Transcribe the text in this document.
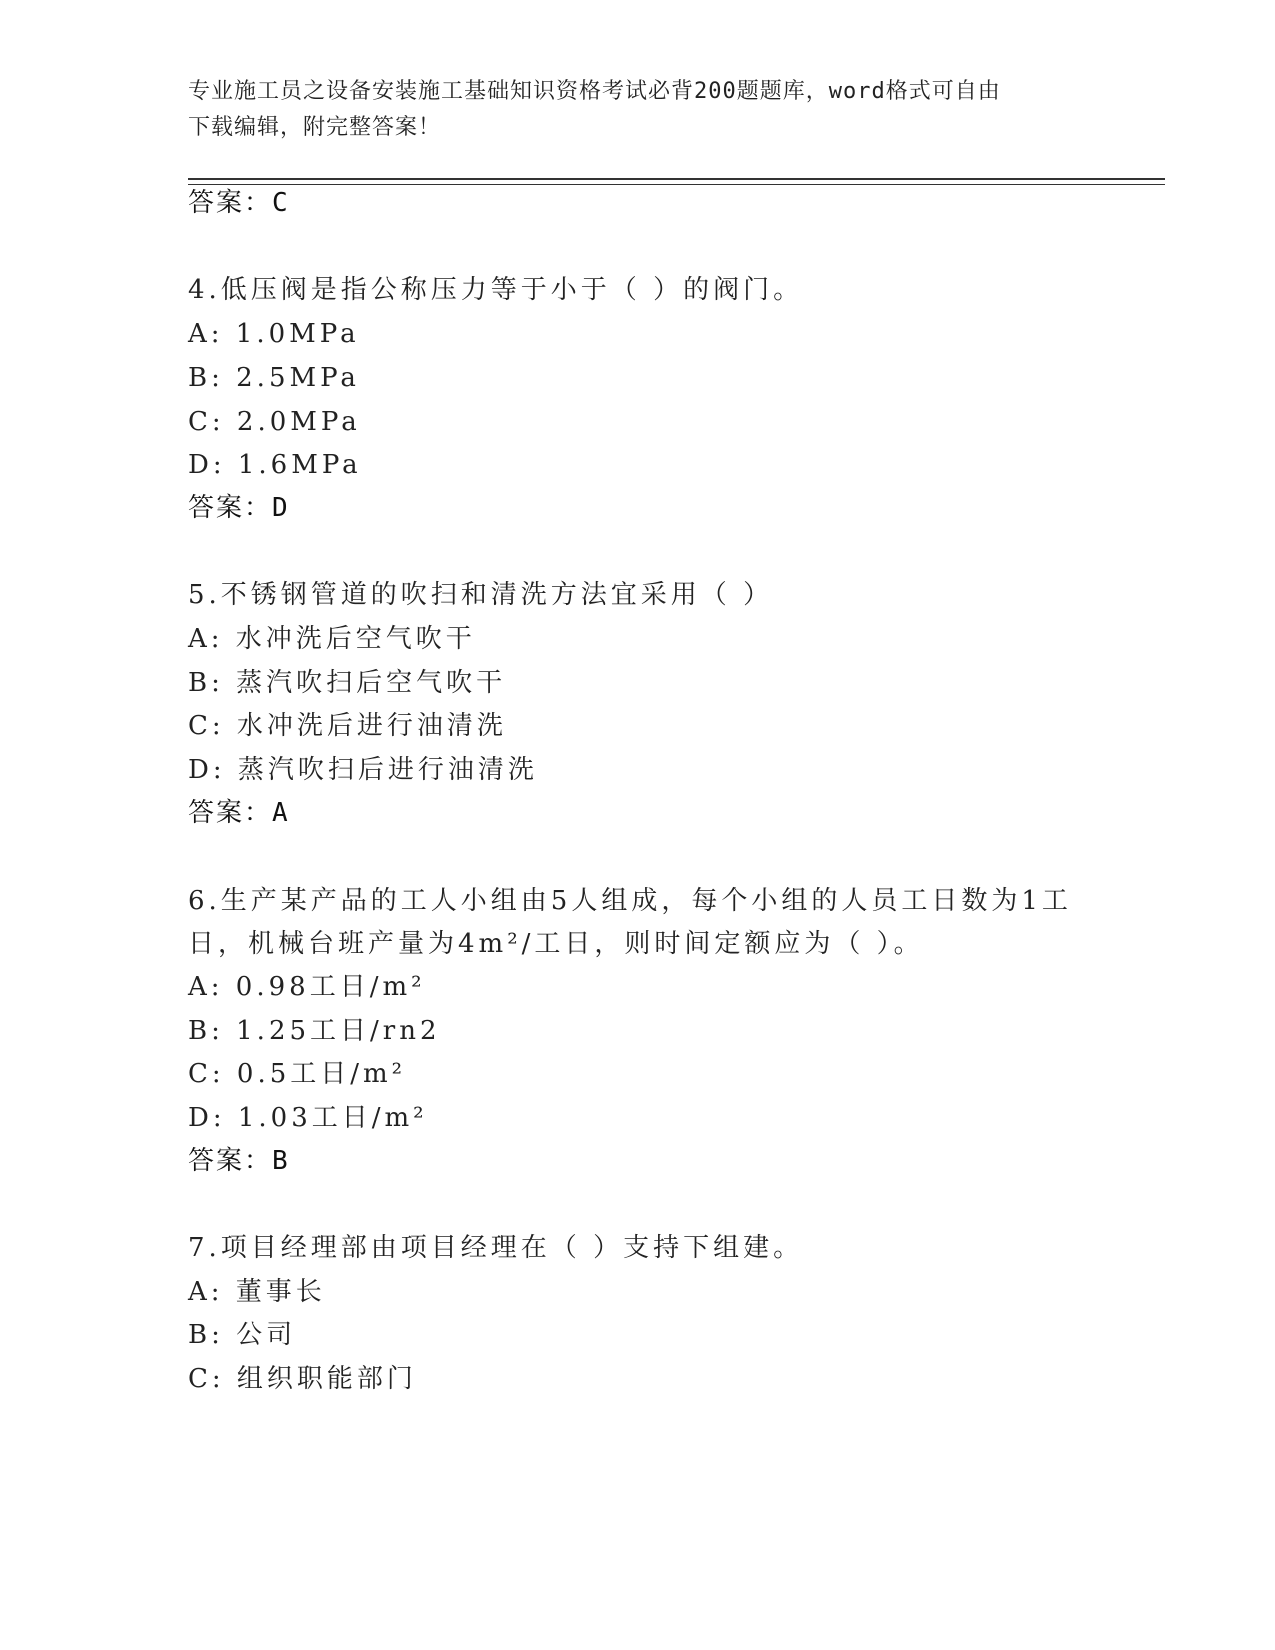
专业施工员之设备安装施工基础知识资格考试必背200题题库，word格式可自由
下载编辑，附完整答案！
答案：C
4.低压阀是指公称压力等于小于（ ）的阀门。
A: 1.0MPa
B: 2.5MPa
C: 2.0MPa
D: 1.6MPa
答案：D
5.不锈钢管道的吹扫和清洗方法宜采用（ ）
A: 水冲洗后空气吹干
B: 蒸汽吹扫后空气吹干
C: 水冲洗后进行油清洗
D: 蒸汽吹扫后进行油清洗
答案：A
6.生产某产品的工人小组由5人组成，每个小组的人员工日数为1工
日，机械台班产量为4m²/工日，则时间定额应为（ ）。
A: 0.98工日/m²
B: 1.25工日/rn2
C: 0.5工日/m²
D: 1.03工日/m²
答案：B
7.项目经理部由项目经理在（ ）支持下组建。
A: 董事长
B: 公司
C: 组织职能部门
